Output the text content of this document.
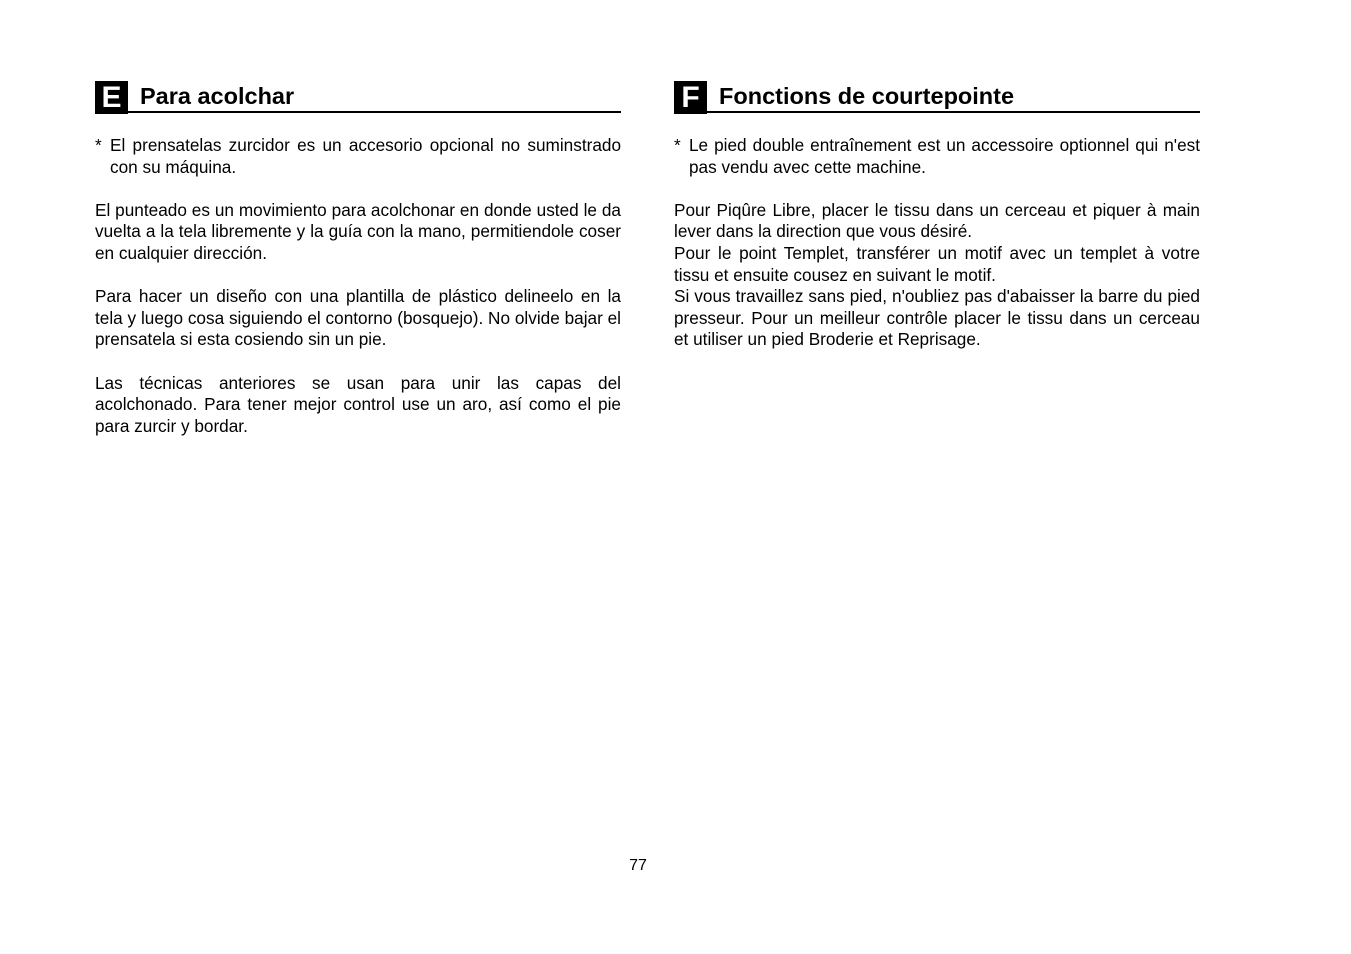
E Para acolchar
* El prensatelas zurcidor es un accesorio opcional no suminstrado con su máquina.

El punteado es un movimiento para acolchonar en donde usted le da vuelta a la tela libremente y la guía con la mano, permitiendole coser en cualquier dirección.

Para hacer un diseño con una plantilla de plástico delineelo en la tela y luego cosa siguiendo el contorno (bosquejo). No olvide bajar el prensatela si esta cosiendo sin un pie.

Las técnicas anteriores se usan para unir las capas del acolchonado. Para tener mejor control use un aro, así como el pie para zurcir y bordar.

F Fonctions de courtepointe
* Le pied double entraînement est un accessoire optionnel qui n'est pas vendu avec cette machine.

Pour Piqûre Libre, placer le tissu dans un cerceau et piquer à main lever dans la direction que vous désiré.

Pour le point Templet, transférer un motif avec un templet à votre tissu et ensuite cousez en suivant le motif.

Si vous travaillez sans pied, n'oubliez pas d'abaisser la barre du pied presseur. Pour un meilleur contrôle placer le tissu dans un cerceau et utiliser un pied Broderie et Reprisage.

77
